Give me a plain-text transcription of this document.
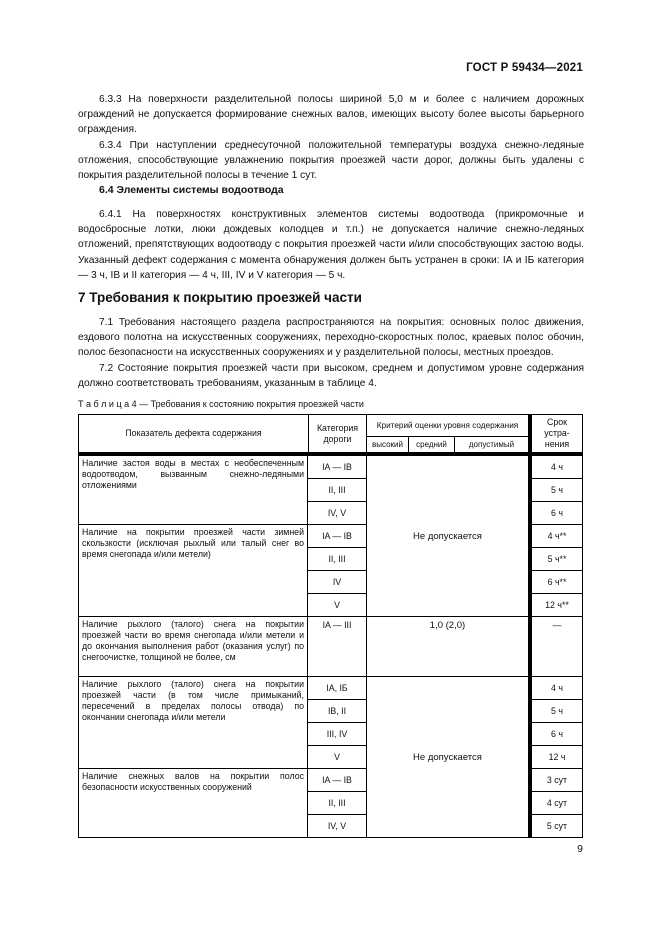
ГОСТ Р 59434—2021

6.3.3 На поверхности разделительной полосы шириной 5,0 м и более с наличием дорожных ограждений не допускается формирование снежных валов, имеющих высоту более высоты барьерного ограждения.

6.3.4 При наступлении среднесуточной положительной температуры воздуха снежно-ледяные отложения, способствующие увлажнению покрытия проезжей части дорог, должны быть удалены с покрытия разделительной полосы в течение 1 сут.

6.4 Элементы системы водоотвода

6.4.1 На поверхностях конструктивных элементов системы водоотвода (прикромочные и водосбросные лотки, люки дождевых колодцев и т.п.) не допускается наличие снежно-ледяных отложений, препятствующих водоотводу с покрытия проезжей части и/или способствующих застою воды. Указанный дефект содержания с момента обнаружения должен быть устранен в сроки: IА и IБ категория — 3 ч, IВ и II категория — 4 ч, III, IV и V категория — 5 ч.

7 Требования к покрытию проезжей части

7.1 Требования настоящего раздела распространяются на покрытия: основных полос движения, ездового полотна на искусственных сооружениях, переходно-скоростных полос, краевых полос обочин, полос безопасности на искусственных сооружениях и у разделительной полосы, местных проездов.

7.2 Состояние покрытия проезжей части при высоком, среднем и допустимом уровне содержания должно соответствовать требованиям, указанным в таблице 4.

Т а б л и ц а 4 — Требования к состоянию покрытия проезжей части
Показатель дефекта содержания	Категория дороги	Критерий оценки уровня содержания			Срок устра-нения
		высокий	средний	допустимый	

Наличие застоя воды в местах с необеспеченным водоотводом, вызванным снежно-ледяными отложениями	IA — IB	Не допускается			4 ч
	II, III				5 ч
	IV, V				6 ч
Наличие на покрытии проезжей части зимней скользкости (исключая рыхлый или талый снег во время снегопада и/или метели)	IA — IB				4 ч**
	II, III				5 ч**
	IV				6 ч**
	V				12 ч**
Наличие рыхлого (талого) снега на покрытии проезжей части во время снегопада и/или метели и до окончания выполнения работ (оказания услуг) по снегоочистке, толщиной не более, см	IA — III	1,0 (2,0)			—
Наличие рыхлого (талого) снега на покрытии проезжей части (в том числе примыканий, пересечений в пределах полосы отвода) по окончании снегопада и/или метели	IA, IБ	Не допускается			4 ч
	IB, II				5 ч
	III, IV				6 ч
	V				12 ч
Наличие снежных валов на покрытии полос безопасности искусственных сооружений	IA — IB				3 сут
	II, III				4 сут
	IV, V				5 сут
9
